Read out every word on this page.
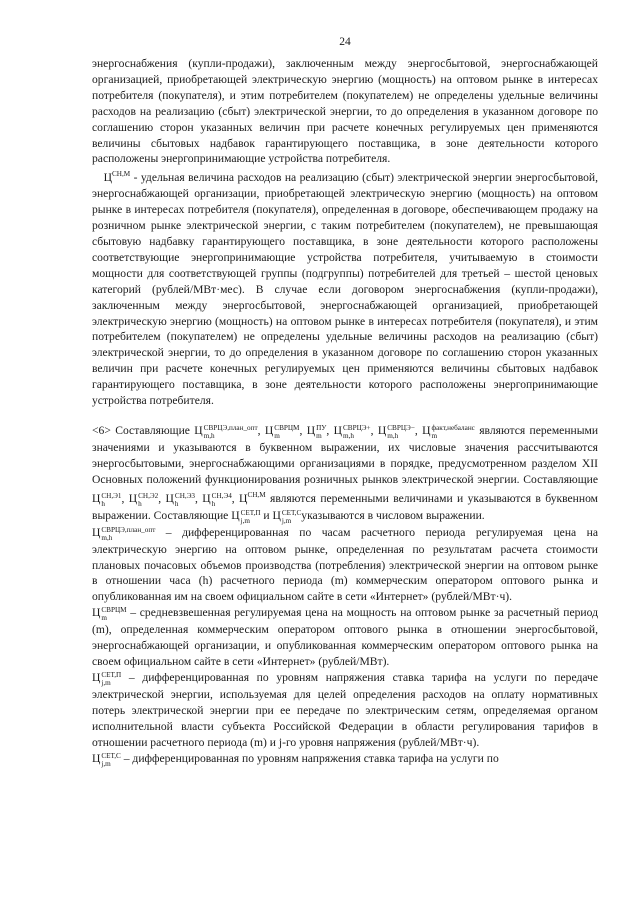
24

энергоснабжения (купли-продажи), заключенным между энергосбытовой, энергоснабжающей организацией, приобретающей электрическую энергию (мощность) на оптовом рынке в интересах потребителя (покупателя), и этим потребителем (покупателем) не определены удельные величины расходов на реализацию (сбыт) электрической энергии, то до определения в указанном договоре по соглашению сторон указанных величин при расчете конечных регулируемых цен применяются величины сбытовых надбавок гарантирующего поставщика, в зоне деятельности которого расположены энергопринимающие устройства потребителя.

 $Ц^{СН,М}$ - удельная величина расходов на реализацию (сбыт) электрической энергии энергосбытовой, энергоснабжающей организации, приобретающей электрическую энергию (мощность) на оптовом рынке в интересах потребителя (покупателя), определенная в договоре, обеспечивающем продажу на розничном рынке электрической энергии, с таким потребителем (покупателем), не превышающая сбытовую надбавку гарантирующего поставщика, в зоне деятельности которого расположены соответствующие энергопринимающие устройства потребителя, учитываемую в стоимости мощности для соответствующей группы (подгруппы) потребителей для третьей – шестой ценовых категорий (рублей/МВт·мес). В случае если договором энергоснабжения (купли-продажи), заключенным между энергосбытовой, энергоснабжающей организацией, приобретающей электрическую энергию (мощность) на оптовом рынке в интересах потребителя (покупателя), и этим потребителем (покупателем) не определены удельные величины расходов на реализацию (сбыт) электрической энергии, то до определения в указанном договоре по соглашению сторон указанных величин при расчете конечных регулируемых цен применяются величины сбытовых надбавок гарантирующего поставщика, в зоне деятельности которого расположены энергопринимающие устройства потребителя.

<6> Составляющие Ц СВРЦЭ,план_опт
m,h	, Ц СВРЦМ
m	, Ц ПУ
m , Ц СВРЦЭ+
m,h	, Ц СВРЦЭ−
m,h	, Ц факт,небаланс
m	являются переменными значениями и указываются в буквенном выражении, их числовые значения рассчитываются энергосбытовыми, энергоснабжающими организациями в порядке, предусмотренном разделом XII Основных положений функционирования розничных рынков электрической энергии. Составляющие Ц СН,Э1
h	, Ц СН,Э2
h	, Ц СН,Э3
h	, Ц СН,Э4
h	, $Ц^{СН,М}$ являются переменными величинами и указываются в буквенном выражении. Составляющие Ц СЕТ,П
j,m и Ц СЕТ,С
j,m указываются в числовом выражении.

Ц СВРЦЭ,план_опт
m,h	– дифференцированная по часам расчетного периода регулируемая цена на электрическую энергию на оптовом рынке, определенная по результатам расчета стоимости плановых почасовых объемов производства (потребления) электрической энергии на оптовом рынке в отношении часа (h) расчетного периода (m) коммерческим оператором оптового рынка и опубликованная им на своем официальном сайте в сети «Интернет» (рублей/МВт·ч).

Ц СВРЦМ
m	– средневзвешенная регулируемая цена на мощность на оптовом рынке за расчетный период (m), определенная коммерческим оператором оптового рынка в отношении энергосбытовой, энергоснабжающей организации, и опубликованная коммерческим оператором оптового рынка на своем официальном сайте в сети «Интернет» (рублей/МВт).

Ц СЕТ,П
j,m – дифференцированная по уровням напряжения ставка тарифа на услуги по передаче электрической энергии, используемая для целей определения расходов на оплату нормативных потерь электрической энергии при ее передаче по электрическим сетям, определяемая органом исполнительной власти субъекта Российской Федерации в области регулирования тарифов в отношении расчетного периода (m) и j-го уровня напряжения (рублей/МВт·ч).

Ц СЕТ,С
j,m – дифференцированная по уровням напряжения ставка тарифа на услуги по
